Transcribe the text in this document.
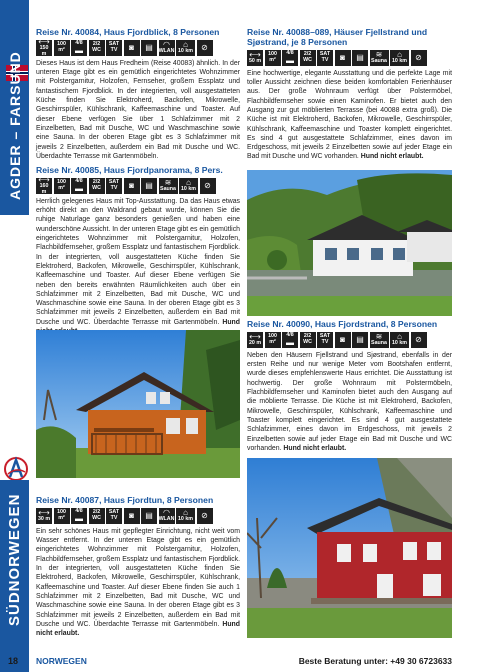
AGDER – FARSUND
SÜDNORWEGEN
Reise Nr. 40084, Haus Fjordblick, 8 Personen
⟷
150 m
100 m²
4/8
▬
2/2 WC
SAT TV	◙ ▤ ◠
WLAN
⌂
10 km ⊘

Dieses Haus ist dem Haus Fredheim (Reise 40083) ähnlich. In der unteren Etage gibt es ein gemütlich eingerichtetes Wohnzimmer mit Polstergarnitur, Holzofen, Fernseher, großem Essplatz und fantastischem Fjordblick. In der integrierten, voll ausgestatteten Küche finden Sie Elektroherd, Backofen, Mikrowelle, Geschirrspüler, Kühlschrank, Kaffeemaschine und Toaster. Auf dieser Ebene verfügen Sie über 1 Schlafzimmer mit 2 Einzelbetten, Bad mit Dusche, WC und Waschmaschine sowie eine Sauna. In der oberen Etage gibt es 3 Schlafzimmer mit jeweils 2 Einzelbetten, außerdem ein Bad mit Dusche und WC. Überdachte Terrasse mit Gartenmöbeln.

Reise Nr. 40085, Haus Fjordpanorama, 8 Pers.
⟷
160 m
100 m²
4/8
▬
2/2 WC
SAT TV	◙ ▤ ≋
Sauna
⌂
10 km ⊘

Herrlich gelegenes Haus mit Top-Ausstattung. Da das Haus etwas erhöht direkt an den Waldrand gebaut wurde, können Sie die ruhige Naturlage ganz besonders genießen und haben eine wunderschöne Aussicht. In der unteren Etage gibt es ein gemütlich eingerichtetes Wohnzimmer mit Polstergarnitur, Holzofen, Flachbildfernseher, großem Essplatz und fantastischem Fjordblick. In der integrierten, voll ausgestatteten Küche finden Sie Elektroherd, Backofen, Mikrowelle, Geschirrspüler, Kühlschrank, Kaffeemaschine und Toaster. Auf dieser Ebene verfügen Sie neben den bereits erwähnten Räumlichkeiten auch über ein Schlafzimmer mit 2 Einzelbetten, Bad mit Dusche, WC und Waschmaschine sowie eine Sauna. In der oberen Etage gibt es 3 Schlafzimmer mit jeweils 2 Einzelbetten, außerdem ein Bad mit Dusche und WC. Überdachte Terrasse mit Gartenmöbeln. Hund

Reise Nr. 40087, Haus Fjordtun, 8 Personen
⟷
30 m
100 m²
4/8
▬
2/2 WC
SAT TV	◙ ▤ ◠
WLAN
⌂
10 km ⊘

Ein sehr schönes Haus mit gepflegter Einrichtung, nicht weit vom Wasser entfernt. In der unteren Etage gibt es ein gemütlich eingerichtetes Wohnzimmer mit Polstergarnitur, Holzofen, Flachbildfernseher, großem Essplatz und fantastischem Fjordblick. In der integrierten, voll ausgestatteten Küche finden Sie Elektroherd, Backofen, Mikrowelle, Geschirrspüler, Kühlschrank, Kaffeemaschine und Toaster. Auf dieser Ebene finden Sie auch 1 Schlafzimmer mit 2 Einzelbetten, Bad mit Dusche, WC und Waschmaschine sowie eine Sauna. In der oberen Etage gibt es 3 Schlafzimmer mit jeweils 2 Einzelbetten, außerdem ein Bad mit Dusche und WC. Überdachte Terrasse mit Gartenmöbeln. Hund nicht erlaubt.

Reise Nr. 40088–089, Häuser Fjellstrand und Sjøstrand, je 8 Personen
⟷
50 m
100 m²
4/8
▬
2/2 WC
SAT TV	◙ ▤ ≋
Sauna
⌂
10 km ⊘

Eine hochwertige, elegante Ausstattung und die perfekte Lage mit toller Aussicht zeichnen diese beiden komfortablen Ferienhäuser aus. Der große Wohnraum verfügt über Polstermöbel, Flachbildfernseher sowie einen Kaminofen. Er bietet auch den Ausgang zur gut möblierten Terrasse (bei 40088 extra groß). Die Küche ist mit Elektroherd, Backofen, Mikrowelle, Geschirrspüler, Kühlschrank, Kaffeemaschine und Toaster komplett eingerichtet. Es sind 4 gut ausgestattete Schlafzimmer, eines davon im Erdgeschoss, mit jeweils 2 Einzelbetten sowie auf jeder Etage ein Bad mit Dusche und WC vorhanden. Hund nicht erlaubt.

Reise Nr. 40090, Haus Fjordstrand, 8 Personen
⟷
20 m
100 m²
4/8
▬
2/2 WC
SAT TV	◙ ▤ ≋
Sauna
⌂
10 km ⊘

Neben den Häusern Fjellstrand und Sjøstrand, ebenfalls in der ersten Reihe und nur wenige Meter vom Bootshafen entfernt, wurde dieses empfehlenswerte Haus errichtet. Die Ausstattung ist hochwertig. Der große Wohnraum mit Polstermöbeln, Flachbildfernseher und Kaminofen bietet auch den Ausgang auf die möblierte Terrasse. Die Küche ist mit Elektroherd, Backofen, Mikrowelle, Geschirrspüler, Kühlschrank, Kaffeemaschine und Toaster komplett eingerichtet. Es sind 4 gut ausgestattete Schlafzimmer, eines davon im Erdgeschoss, mit jeweils 2 Einzelbetten sowie auf jeder Etage ein Bad mit Dusche und WC vorhanden. Hund nicht erlaubt.

18 NORWEGEN	Beste Beratung unter: +49 30 6723633
